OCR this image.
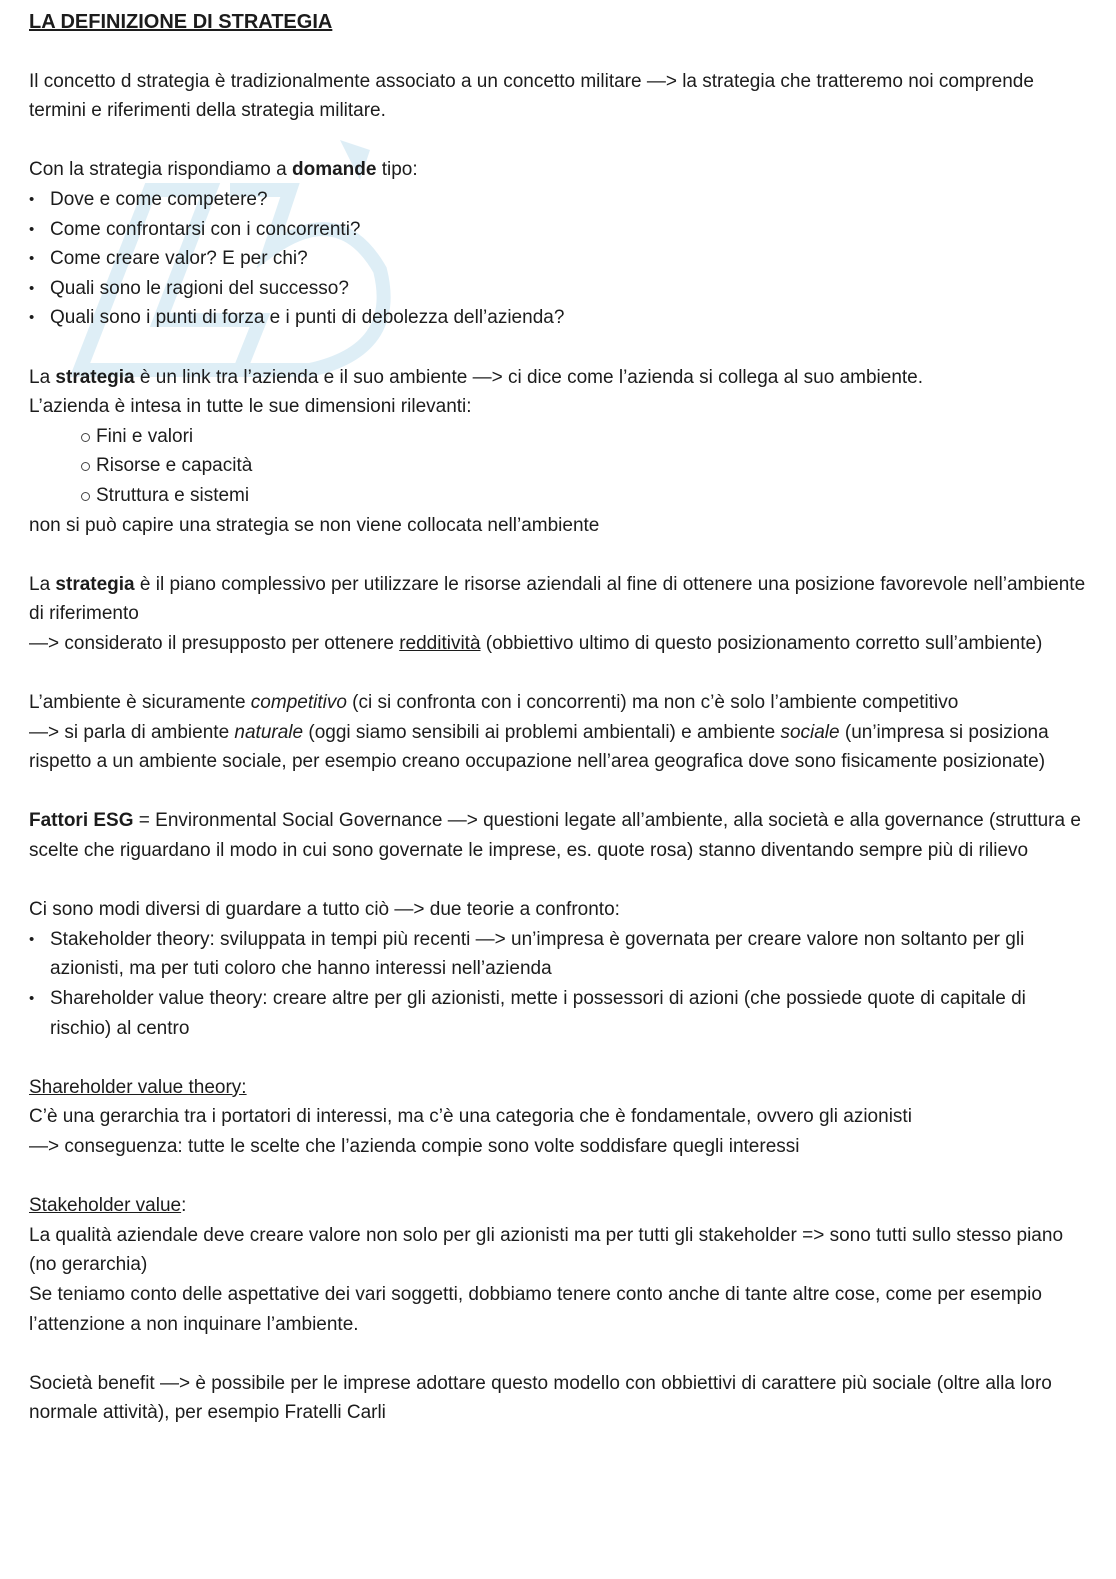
LA DEFINIZIONE DI STRATEGIA

Il concetto d strategia è tradizionalmente associato a un concetto militare —> la strategia che tratteremo noi comprende termini e riferimenti della strategia militare.

Con la strategia rispondiamo a domande tipo:

• Dove e come competere?
• Come confrontarsi con i concorrenti?
• Come creare valor? E per chi?
• Quali sono le ragioni del successo?
• Quali sono i punti di forza e i punti di debolezza dell’azienda?

La strategia è un link tra l’azienda e il suo ambiente —> ci dice come l’azienda si collega al suo ambiente.

L’azienda è intesa in tutte le sue dimensioni rilevanti:

Fini e valori
Risorse e capacità
Struttura e sistemi

non si può capire una strategia se non viene collocata nell’ambiente

La strategia è il piano complessivo per utilizzare le risorse aziendali al fine di ottenere una posizione favorevole nell’ambiente di riferimento

—> considerato il presupposto per ottenere redditività (obbiettivo ultimo di questo posizionamento corretto sull’ambiente)

L’ambiente è sicuramente competitivo (ci si confronta con i concorrenti) ma non c’è solo l’ambiente competitivo
—> si parla di ambiente naturale (oggi siamo sensibili ai problemi ambientali) e ambiente sociale (un’impresa si posiziona rispetto a un ambiente sociale, per esempio creano occupazione nell’area geografica dove sono fisicamente posizionate)

Fattori ESG = Environmental Social Governance —> questioni legate all’ambiente, alla società e alla governance (struttura e scelte che riguardano il modo in cui sono governate le imprese, es. quote rosa) stanno diventando sempre più di rilievo

Ci sono modi diversi di guardare a tutto ciò —> due teorie a confronto:

• Stakeholder theory: sviluppata in tempi più recenti —> un’impresa è governata per creare valore non soltanto per gli azionisti, ma per tuti coloro che hanno interessi nell’azienda
• Shareholder value theory: creare altre per gli azionisti, mette i possessori di azioni (che possiede quote di capitale di rischio) al centro

Shareholder value theory:

C’è una gerarchia tra i portatori di interessi, ma c’è una categoria che è fondamentale, ovvero gli azionisti

—> conseguenza: tutte le scelte che l’azienda compie sono volte soddisfare quegli interessi

Stakeholder value:

La qualità aziendale deve creare valore non solo per gli azionisti ma per tutti gli stakeholder => sono tutti sullo stesso piano (no gerarchia)

Se teniamo conto delle aspettative dei vari soggetti, dobbiamo tenere conto anche di tante altre cose, come per esempio l’attenzione a non inquinare l’ambiente.

Società benefit —> è possibile per le imprese adottare questo modello con obbiettivi di carattere più sociale (oltre alla loro normale attività), per esempio Fratelli Carli
